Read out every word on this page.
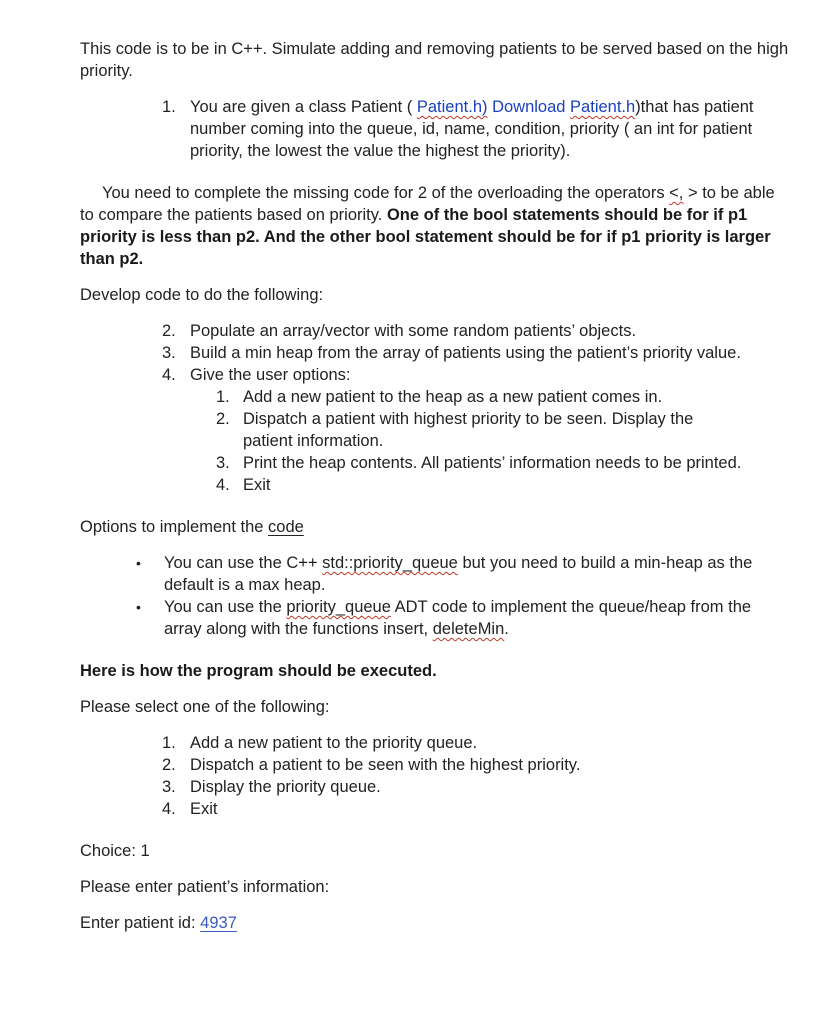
This code is to be in C++. Simulate adding and removing patients to be served based on the high priority.

1. You are given a class Patient ( Patient.h) Download Patient.h)that has patient number coming into the queue, id, name, condition, priority ( an int for patient priority, the lowest the value the highest the priority).

You need to complete the missing code for 2 of the overloading the operators <, > to be able to compare the patients based on priority. One of the bool statements should be for if p1 priority is less than p2. And the other bool statement should be for if p1 priority is larger than p2.

Develop code to do the following:

2. Populate an array/vector with some random patients’ objects.
3. Build a min heap from the array of patients using the patient’s priority value.
4. Give the user options:
1. Add a new patient to the heap as a new patient comes in.
2. Dispatch a patient with highest priority to be seen. Display the patient information.
3. Print the heap contents. All patients’ information needs to be printed.
4. Exit

Options to implement the code

•	You can use the C++ std::priority_queue but you need to build a min-heap as the default is a max heap.
•	You can use the priority_queue ADT code to implement the queue/heap from the array along with the functions insert, deleteMin.

Here is how the program should be executed.

Please select one of the following:

1. Add a new patient to the priority queue.
2. Dispatch a patient to be seen with the highest priority.
3. Display the priority queue.
4. Exit

Choice: 1

Please enter patient’s information:

Enter patient id: 4937
